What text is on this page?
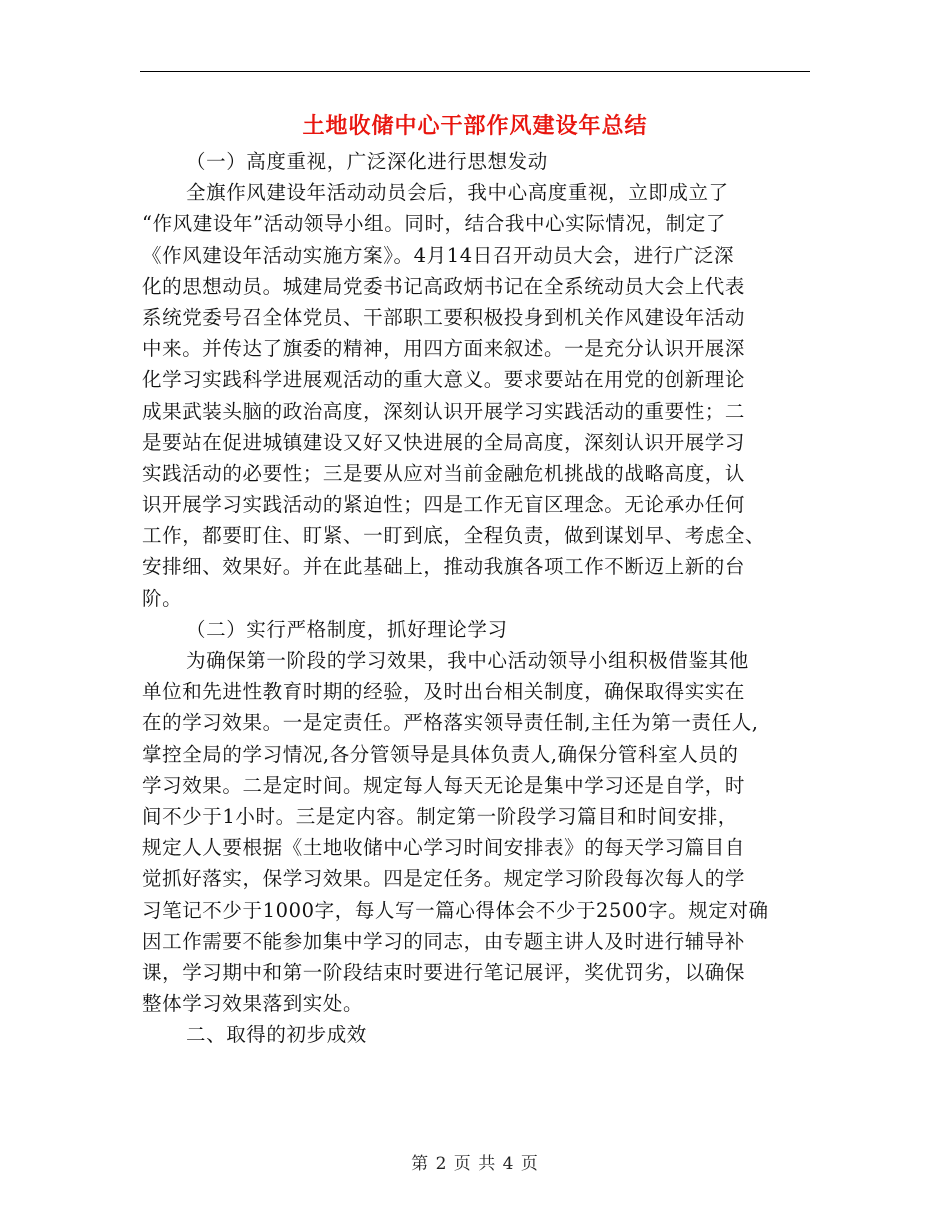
土地收储中心干部作风建设年总结
（一）高度重视，广泛深化进行思想发动
全旗作风建设年活动动员会后，我中心高度重视，立即成立了
“作风建设年”活动领导小组。同时，结合我中心实际情况，制定了
《作风建设年活动实施方案》。4月14日召开动员大会，进行广泛深
化的思想动员。城建局党委书记高政炳书记在全系统动员大会上代表
系统党委号召全体党员、干部职工要积极投身到机关作风建设年活动
中来。并传达了旗委的精神，用四方面来叙述。一是充分认识开展深
化学习实践科学进展观活动的重大意义。要求要站在用党的创新理论
成果武装头脑的政治高度，深刻认识开展学习实践活动的重要性；二
是要站在促进城镇建设又好又快进展的全局高度，深刻认识开展学习
实践活动的必要性；三是要从应对当前金融危机挑战的战略高度，认
识开展学习实践活动的紧迫性；四是工作无盲区理念。无论承办任何
工作，都要盯住、盯紧、一盯到底，全程负责，做到谋划早、考虑全、
安排细、效果好。并在此基础上，推动我旗各项工作不断迈上新的台
阶。
（二）实行严格制度，抓好理论学习
为确保第一阶段的学习效果，我中心活动领导小组积极借鉴其他
单位和先进性教育时期的经验，及时出台相关制度，确保取得实实在
在的学习效果。一是定责任。严格落实领导责任制,主任为第一责任人,
掌控全局的学习情况,各分管领导是具体负责人,确保分管科室人员的
学习效果。二是定时间。规定每人每天无论是集中学习还是自学，时
间不少于1小时。三是定内容。制定第一阶段学习篇目和时间安排，
规定人人要根据《土地收储中心学习时间安排表》的每天学习篇目自
觉抓好落实，保学习效果。四是定任务。规定学习阶段每次每人的学
习笔记不少于1000字，每人写一篇心得体会不少于2500字。规定对确
因工作需要不能参加集中学习的同志，由专题主讲人及时进行辅导补
课，学习期中和第一阶段结束时要进行笔记展评，奖优罚劣，以确保
整体学习效果落到实处。
二、取得的初步成效
第 2 页 共 4 页
